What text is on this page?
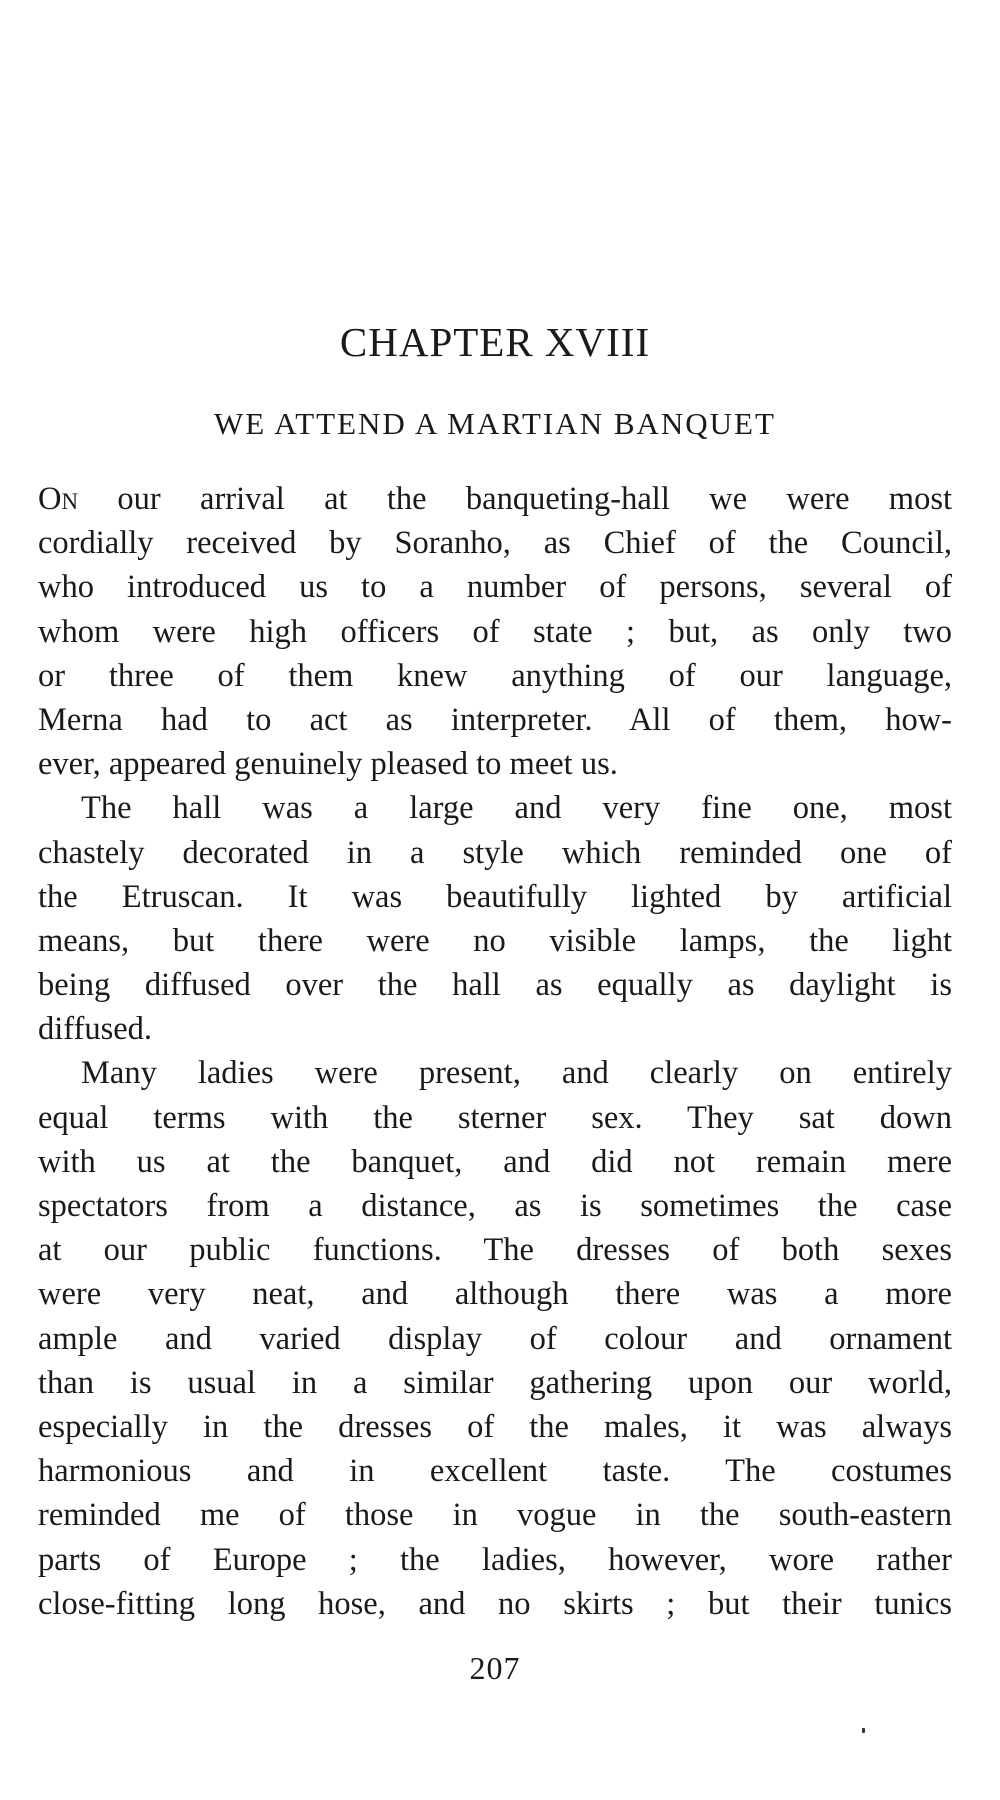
CHAPTER XVIII
WE ATTEND A MARTIAN BANQUET
On our arrival at the banqueting-hall we were most
cordially received by Soranho, as Chief of the Council,
who introduced us to a number of persons, several of
whom were high officers of state ; but, as only two
or three of them knew anything of our language,
Merna had to act as interpreter. All of them, how-
ever, appeared genuinely pleased to meet us.
The hall was a large and very fine one, most
chastely decorated in a style which reminded one of
the Etruscan. It was beautifully lighted by artificial
means, but there were no visible lamps, the light
being diffused over the hall as equally as daylight is
diffused.
Many ladies were present, and clearly on entirely
equal terms with the sterner sex. They sat down
with us at the banquet, and did not remain mere
spectators from a distance, as is sometimes the case
at our public functions. The dresses of both sexes
were very neat, and although there was a more
ample and varied display of colour and ornament
than is usual in a similar gathering upon our world,
especially in the dresses of the males, it was always
harmonious and in excellent taste. The costumes
reminded me of those in vogue in the south-eastern
parts of Europe ; the ladies, however, wore rather
close-fitting long hose, and no skirts ; but their tunics
207
